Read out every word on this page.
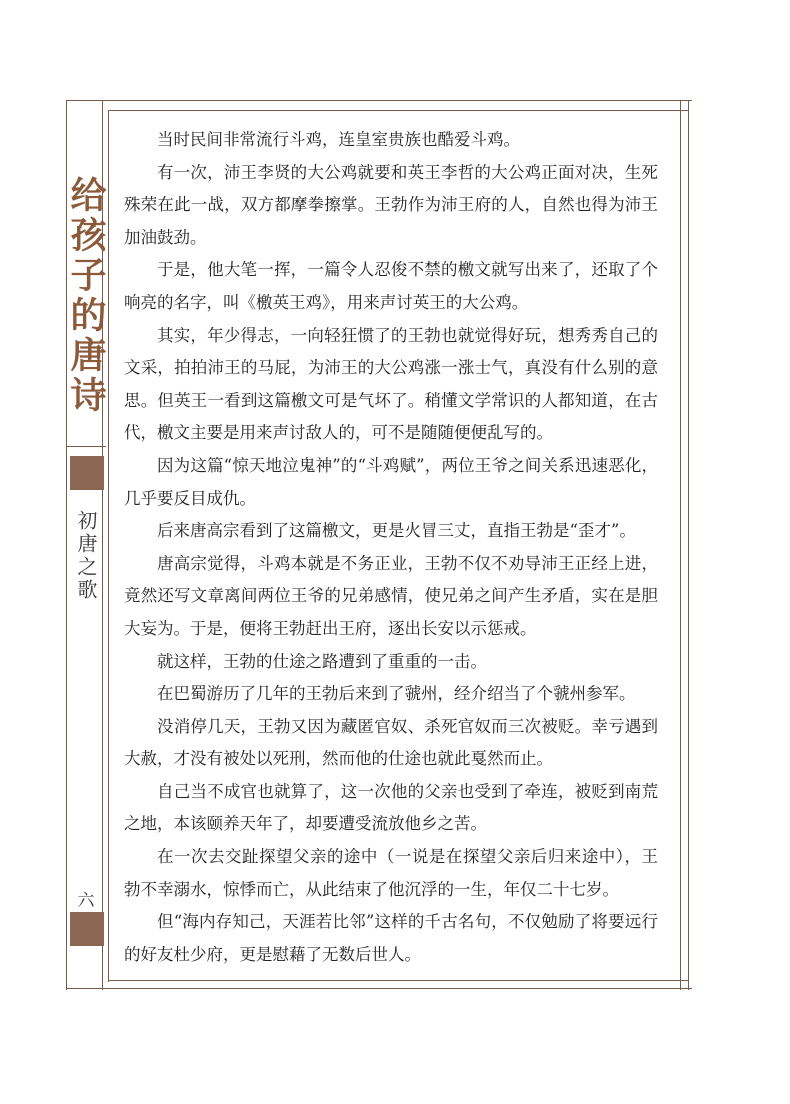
给孩子的唐诗
初唐之歌
六

当时民间非常流行斗鸡，连皇室贵族也酷爱斗鸡。

有一次，沛王李贤的大公鸡就要和英王李哲的大公鸡正面对决，生死殊荣在此一战，双方都摩拳擦掌。王勃作为沛王府的人，自然也得为沛王加油鼓劲。

于是，他大笔一挥，一篇令人忍俊不禁的檄文就写出来了，还取了个响亮的名字，叫《檄英王鸡》，用来声讨英王的大公鸡。

其实，年少得志，一向轻狂惯了的王勃也就觉得好玩，想秀秀自己的文采，拍拍沛王的马屁，为沛王的大公鸡涨一涨士气，真没有什么别的意思。但英王一看到这篇檄文可是气坏了。稍懂文学常识的人都知道，在古代，檄文主要是用来声讨敌人的，可不是随随便便乱写的。

因为这篇“惊天地泣鬼神”的“斗鸡赋”，两位王爷之间关系迅速恶化，几乎要反目成仇。

后来唐高宗看到了这篇檄文，更是火冒三丈，直指王勃是“歪才”。

唐高宗觉得，斗鸡本就是不务正业，王勃不仅不劝导沛王正经上进，竟然还写文章离间两位王爷的兄弟感情，使兄弟之间产生矛盾，实在是胆大妄为。于是，便将王勃赶出王府，逐出长安以示惩戒。

就这样，王勃的仕途之路遭到了重重的一击。

在巴蜀游历了几年的王勃后来到了虢州，经介绍当了个虢州参军。

没消停几天，王勃又因为藏匿官奴、杀死官奴而三次被贬。幸亏遇到大赦，才没有被处以死刑，然而他的仕途也就此戛然而止。

自己当不成官也就算了，这一次他的父亲也受到了牵连，被贬到南荒之地，本该颐养天年了，却要遭受流放他乡之苦。

在一次去交趾探望父亲的途中（一说是在探望父亲后归来途中），王勃不幸溺水，惊悸而亡，从此结束了他沉浮的一生，年仅二十七岁。

但“海内存知己，天涯若比邻”这样的千古名句，不仅勉励了将要远行的好友杜少府，更是慰藉了无数后世人。
